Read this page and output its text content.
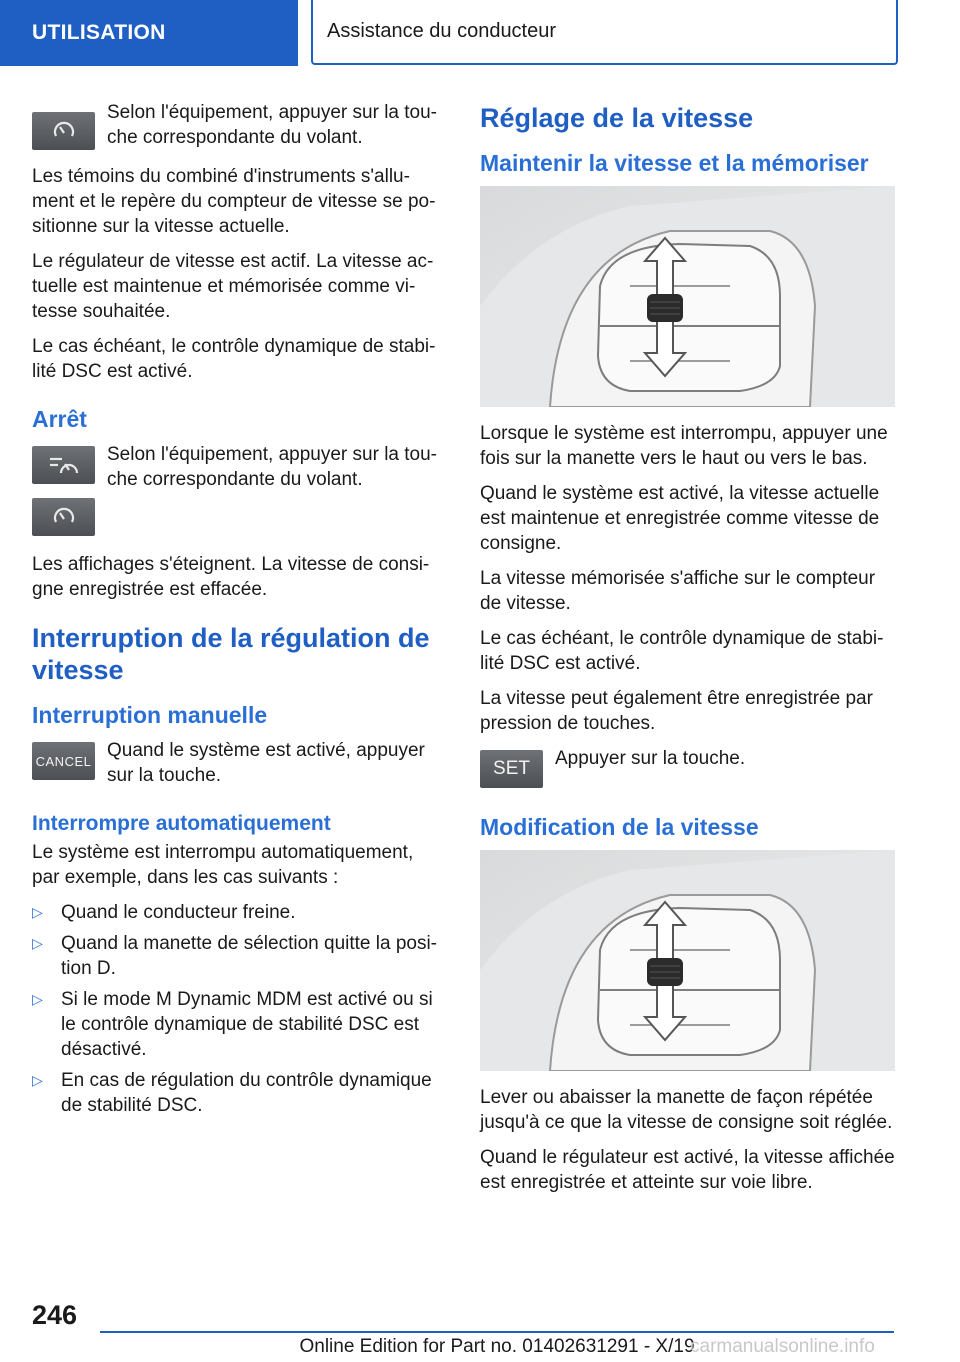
UTILISATION	Assistance du conducteur

Selon l'équipement, appuyer sur la tou‐che correspondante du volant.

Les témoins du combiné d'instruments s'allu‐ment et le repère du compteur de vitesse se po‐sitionne sur la vitesse actuelle.

Le régulateur de vitesse est actif. La vitesse ac‐tuelle est maintenue et mémorisée comme vi‐tesse souhaitée.

Le cas échéant, le contrôle dynamique de stabi‐lité DSC est activé.

Arrêt

Selon l'équipement, appuyer sur la tou‐che correspondante du volant.

Les affichages s'éteignent. La vitesse de consi‐gne enregistrée est effacée.

Interruption de la régulation de vitesse
Interruption manuelle
CANCEL Quand le système est activé, appuyer sur la touche.

Interrompre automatiquement

Le système est interrompu automatiquement, par exemple, dans les cas suivants :

▷ Quand le conducteur freine.
▷ Quand la manette de sélection quitte la posi‐tion D.
▷ Si le mode M Dynamic MDM est activé ou si le contrôle dynamique de stabilité DSC est désactivé.
▷ En cas de régulation du contrôle dynamique de stabilité DSC.
Réglage de la vitesse
Maintenir la vitesse et la mémoriser

Lorsque le système est interrompu, appuyer une fois sur la manette vers le haut ou vers le bas.

Quand le système est activé, la vitesse actuelle est maintenue et enregistrée comme vitesse de consigne.

La vitesse mémorisée s'affiche sur le compteur de vitesse.

Le cas échéant, le contrôle dynamique de stabi‐lité DSC est activé.

La vitesse peut également être enregistrée par pression de touches.

SET Appuyer sur la touche.

Modification de la vitesse

Lever ou abaisser la manette de façon répétée jusqu'à ce que la vitesse de consigne soit réglée.

Quand le régulateur est activé, la vitesse affichée est enregistrée et atteinte sur voie libre.

246
Online Edition for Part no. 01402631291 - X/19
carmanualsonline.info
